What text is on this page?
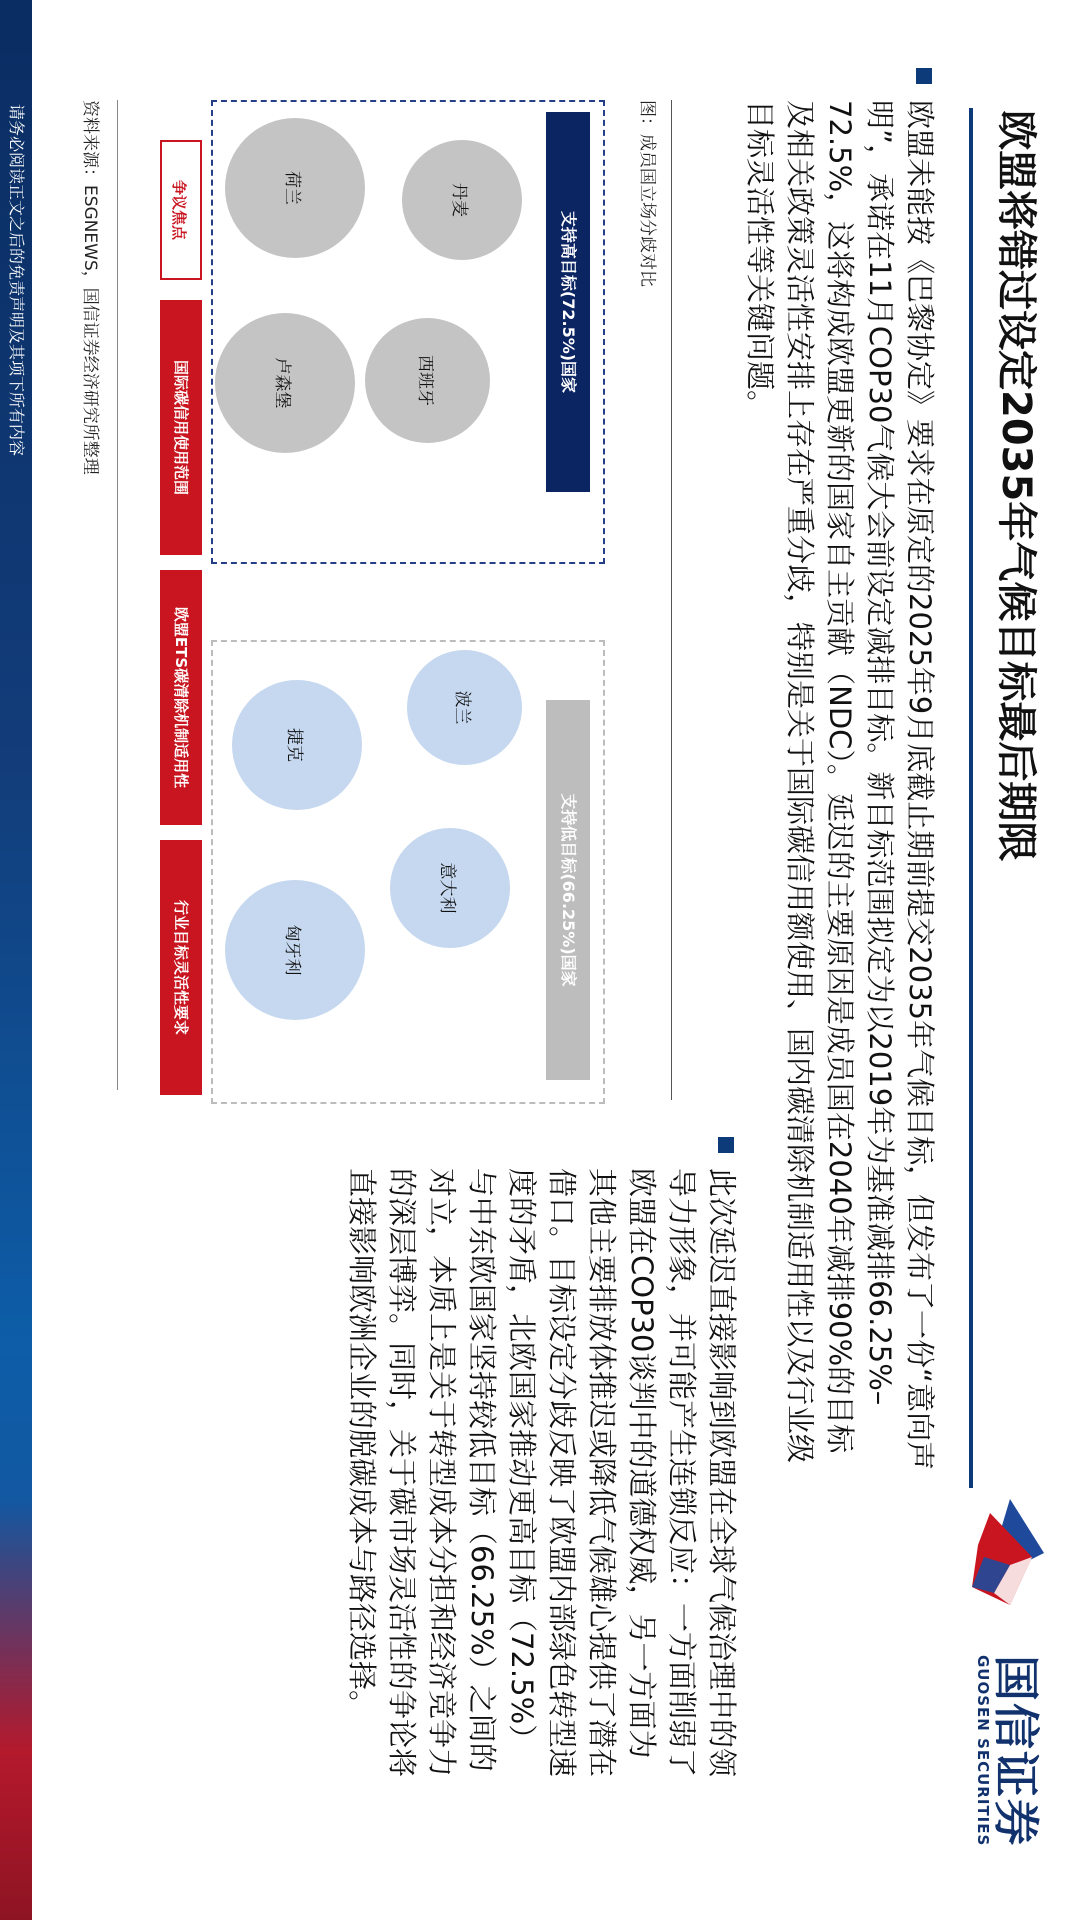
国信证券
GUOSEN SECURITIES
欧盟将错过设定2035年气候目标最后期限

欧盟未能按《巴黎协定》要求在原定的2025年9月底截止期前提交2035年气候目标，但发布了一份“意向声明”，承诺在11月COP30气候大会前设定减排目标。新目标范围拟定为以2019年为基准减排66.25%–72.5%，这将构成欧盟更新的国家自主贡献（NDC）。延迟的主要原因是成员国在2040年减排90%的目标及相关政策灵活性安排上存在严重分歧，特别是关于国际碳信用额使用、国内碳清除机制适用性以及行业级目标灵活性等关键问题。

此次延迟直接影响到欧盟在全球气候治理中的领导力形象，并可能产生连锁反应：一方面削弱了欧盟在COP30谈判中的道德权威，另一方面为其他主要排放体推迟或降低气候雄心提供了潜在借口。目标设定分歧反映了欧盟内部绿色转型速度的矛盾，北欧国家推动更高目标（72.5%）与中东欧国家坚持较低目标（66.25%）之间的对立，本质上是关于转型成本分担和经济竞争力的深层博弈。同时，关于碳市场灵活性的争论将直接影响欧洲企业的脱碳成本与路径选择。

图：成员国立场分歧对比
支持高目标(72.5%)国家
丹麦
荷兰
西班牙
卢森堡
支持低目标(66.25%)国家
波兰
捷克
意大利
匈牙利
争议焦点
国际碳信用使用范围
欧盟ETS碳清除机制适用性
行业目标灵活性要求
资料来源：ESGNEWS，国信证券经济研究所整理
请务必阅读正文之后的免责声明及其项下所有内容
